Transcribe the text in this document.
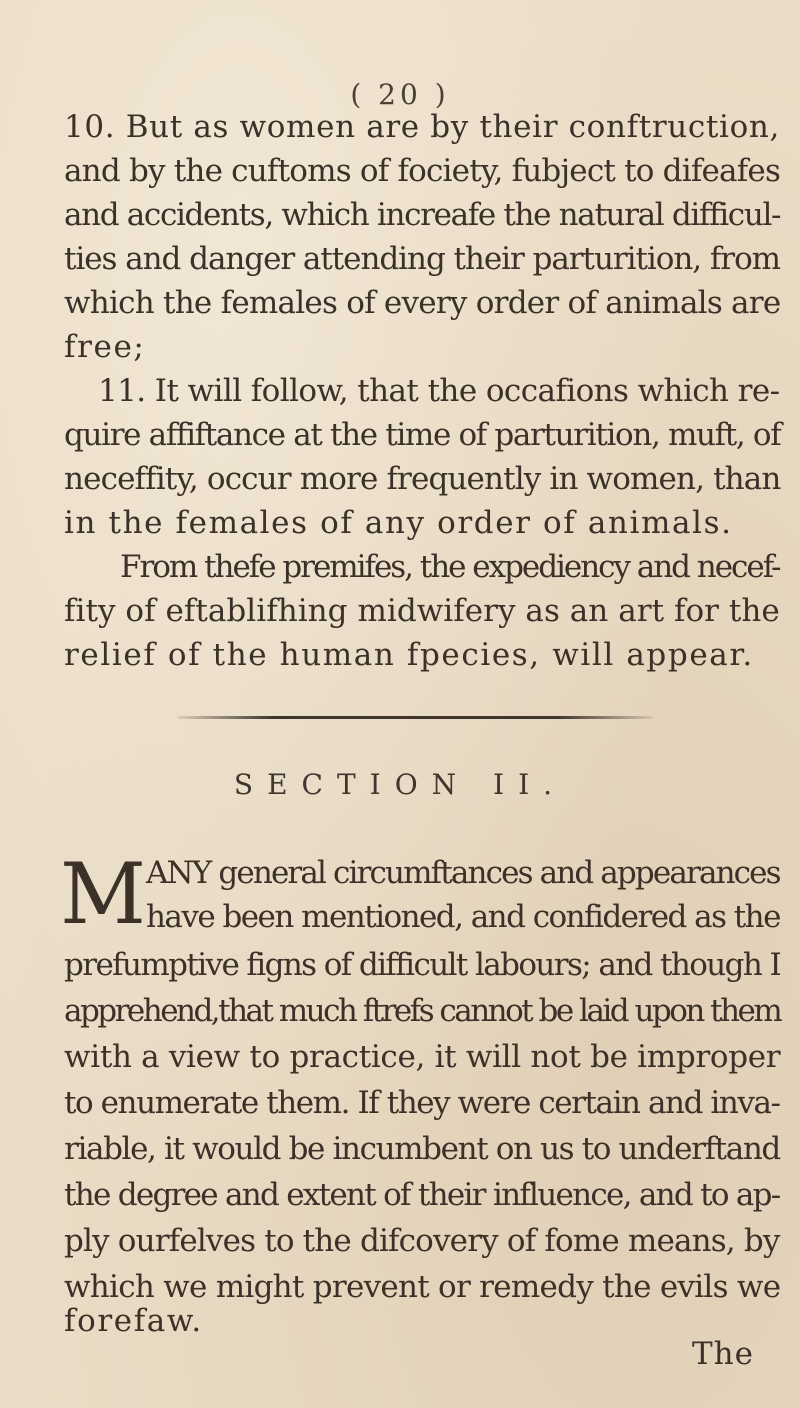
( 20 )
10. But as women are by their conftruction,
and by the cuftoms of fociety, fubject to difeafes
and accidents, which increafe the natural difficul-
ties and danger attending their parturition, from
which the females of every order of animals are
free;
11. It will follow, that the occafions which re-
quire affiftance at the time of parturition, muft, of
neceffity, occur more frequently in women, than
in the females of any order of animals.
From thefe premifes, the expediency and necef-
fity of eftablifhing midwifery as an art for the
relief of the human fpecies, will appear.
SECTION II.
M ANY general circumftances and appearances
have been mentioned, and confidered as the
prefumptive figns of difficult labours; and though I
apprehend,that much ftrefs cannot be laid upon them
with a view to practice, it will not be improper
to enumerate them. If they were certain and inva-
riable, it would be incumbent on us to underftand
the degree and extent of their influence, and to ap-
ply ourfelves to the difcovery of fome means, by
which we might prevent or remedy the evils we
forefaw.
The
